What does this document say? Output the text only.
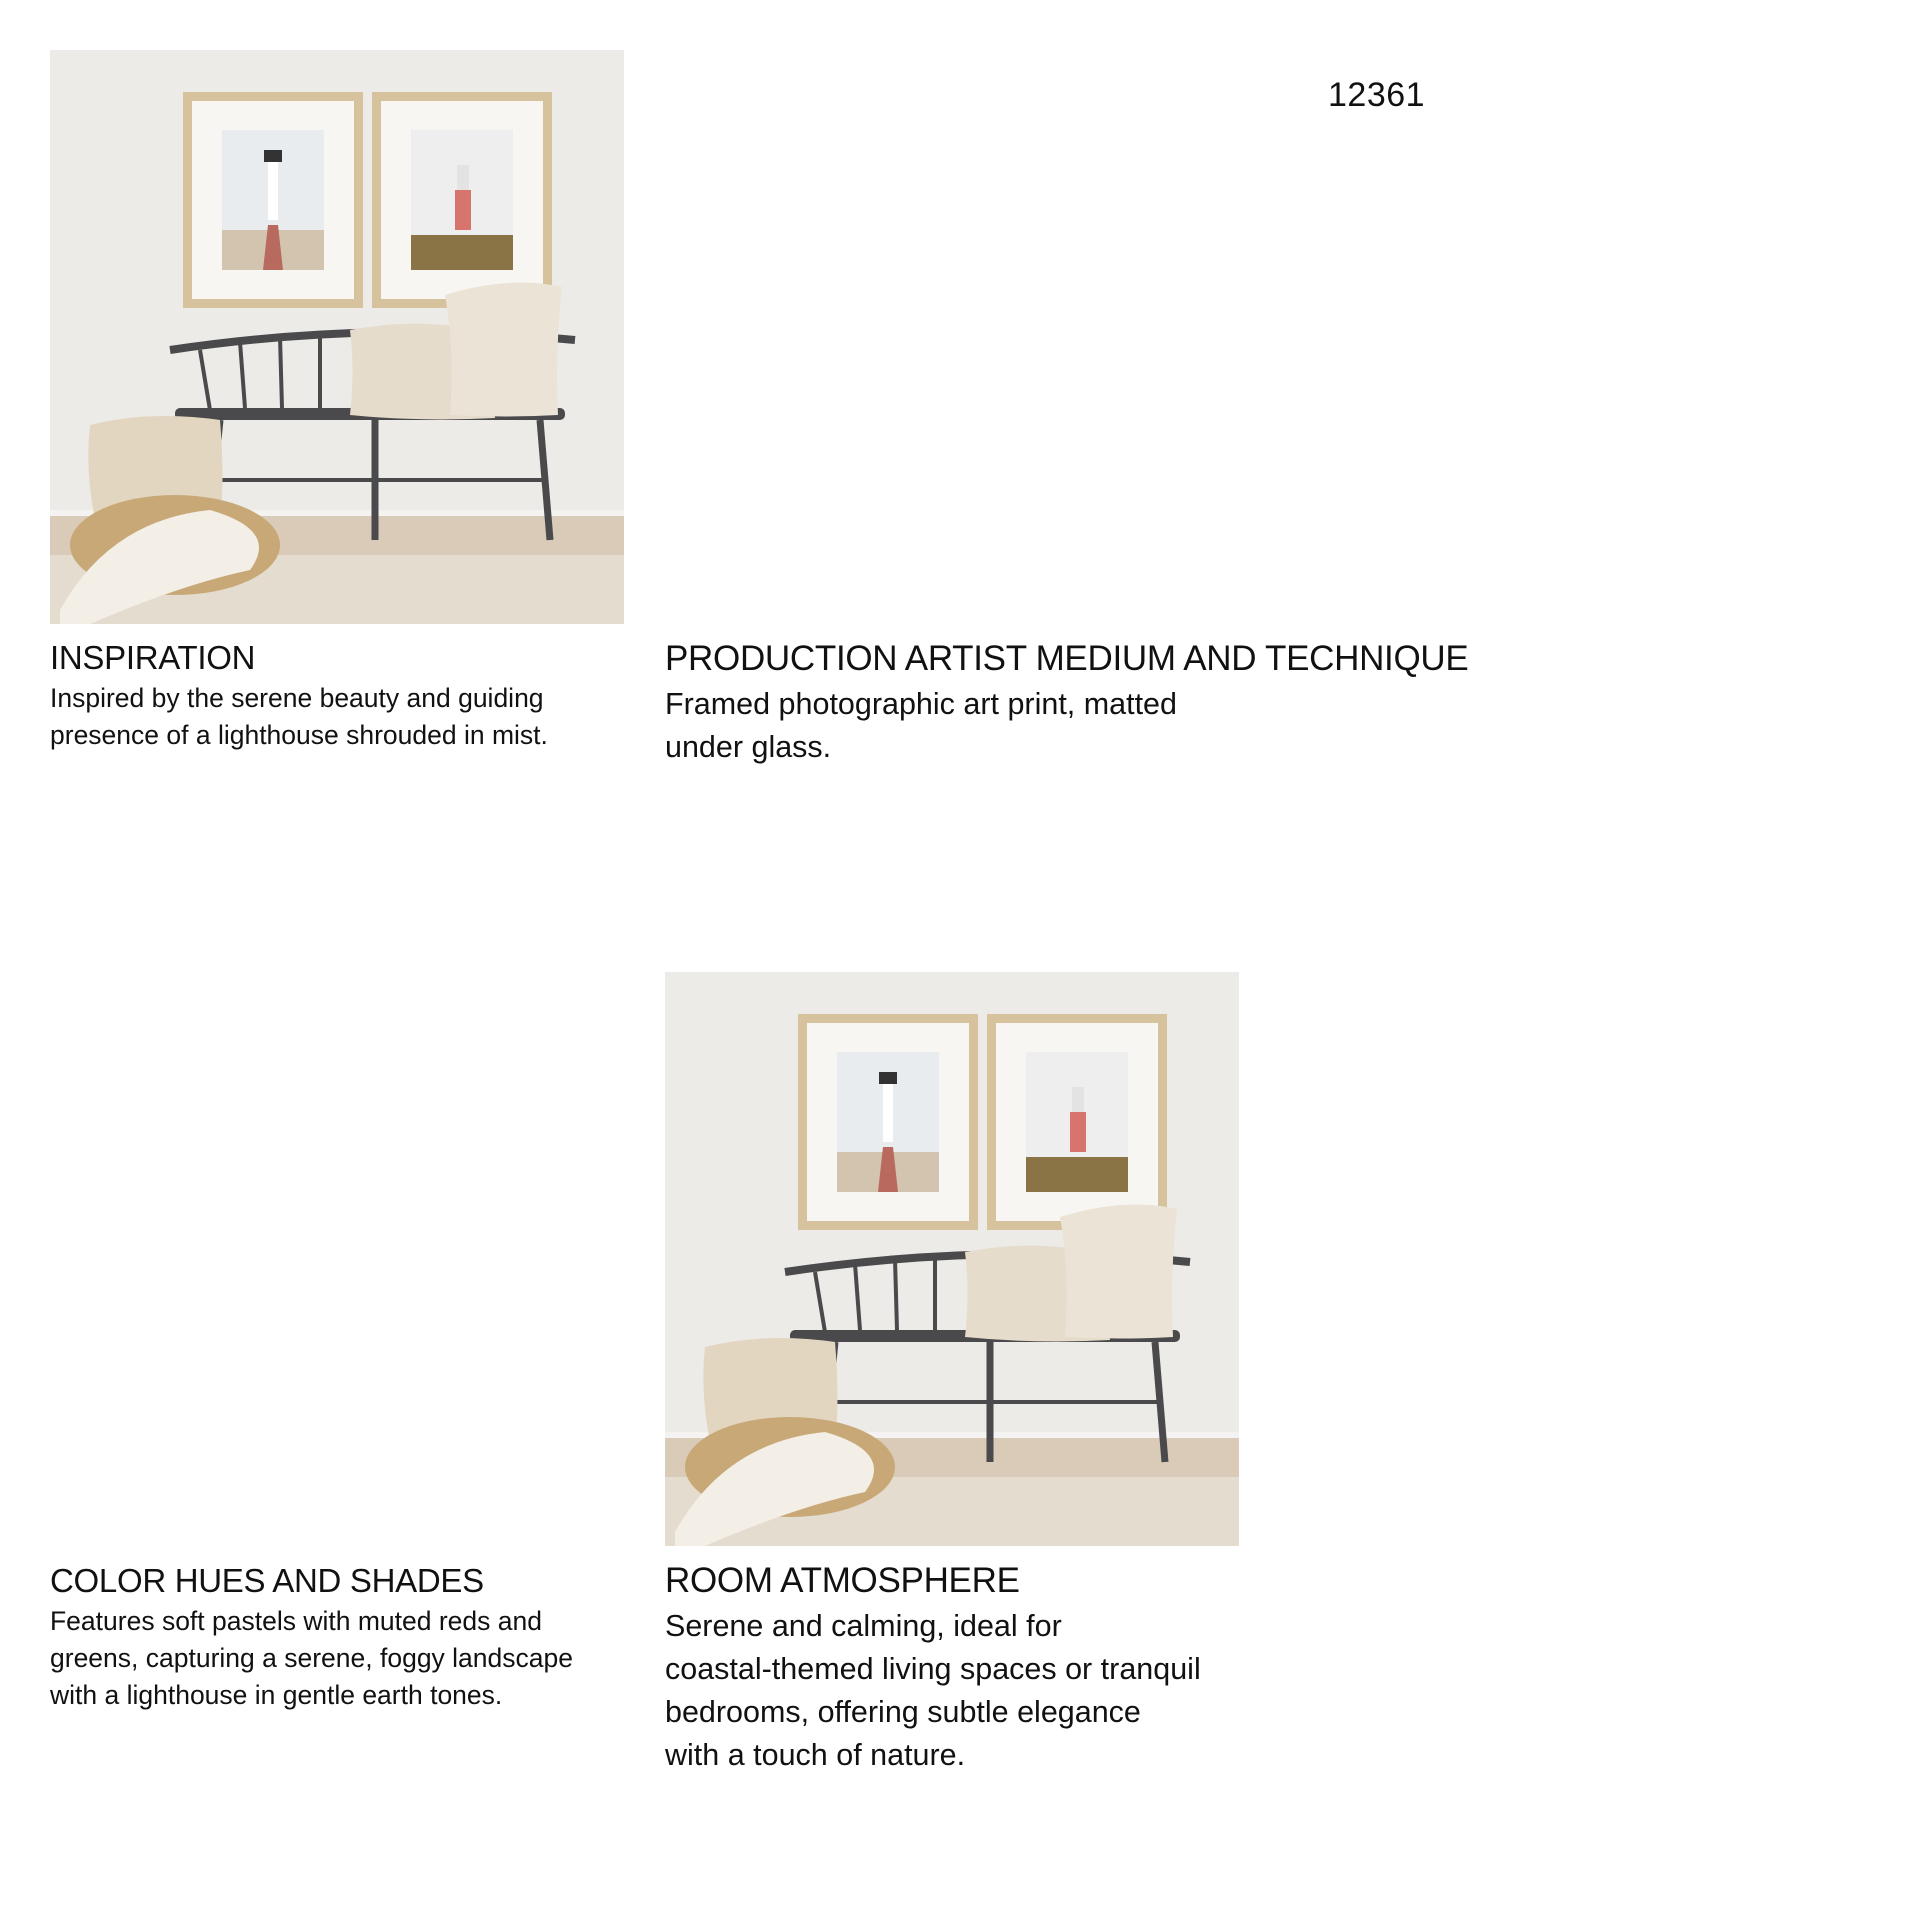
12361
INSPIRATION

Inspired by the serene beauty and guiding
presence of a lighthouse shrouded in mist.

PRODUCTION ARTIST MEDIUM AND TECHNIQUE

Framed photographic art print, matted
under glass.

COLOR HUES AND SHADES

Features soft pastels with muted reds and
greens, capturing a serene, foggy landscape
with a lighthouse in gentle earth tones.

ROOM ATMOSPHERE

Serene and calming, ideal for
coastal-themed living spaces or tranquil
bedrooms, offering subtle elegance
with a touch of nature.
